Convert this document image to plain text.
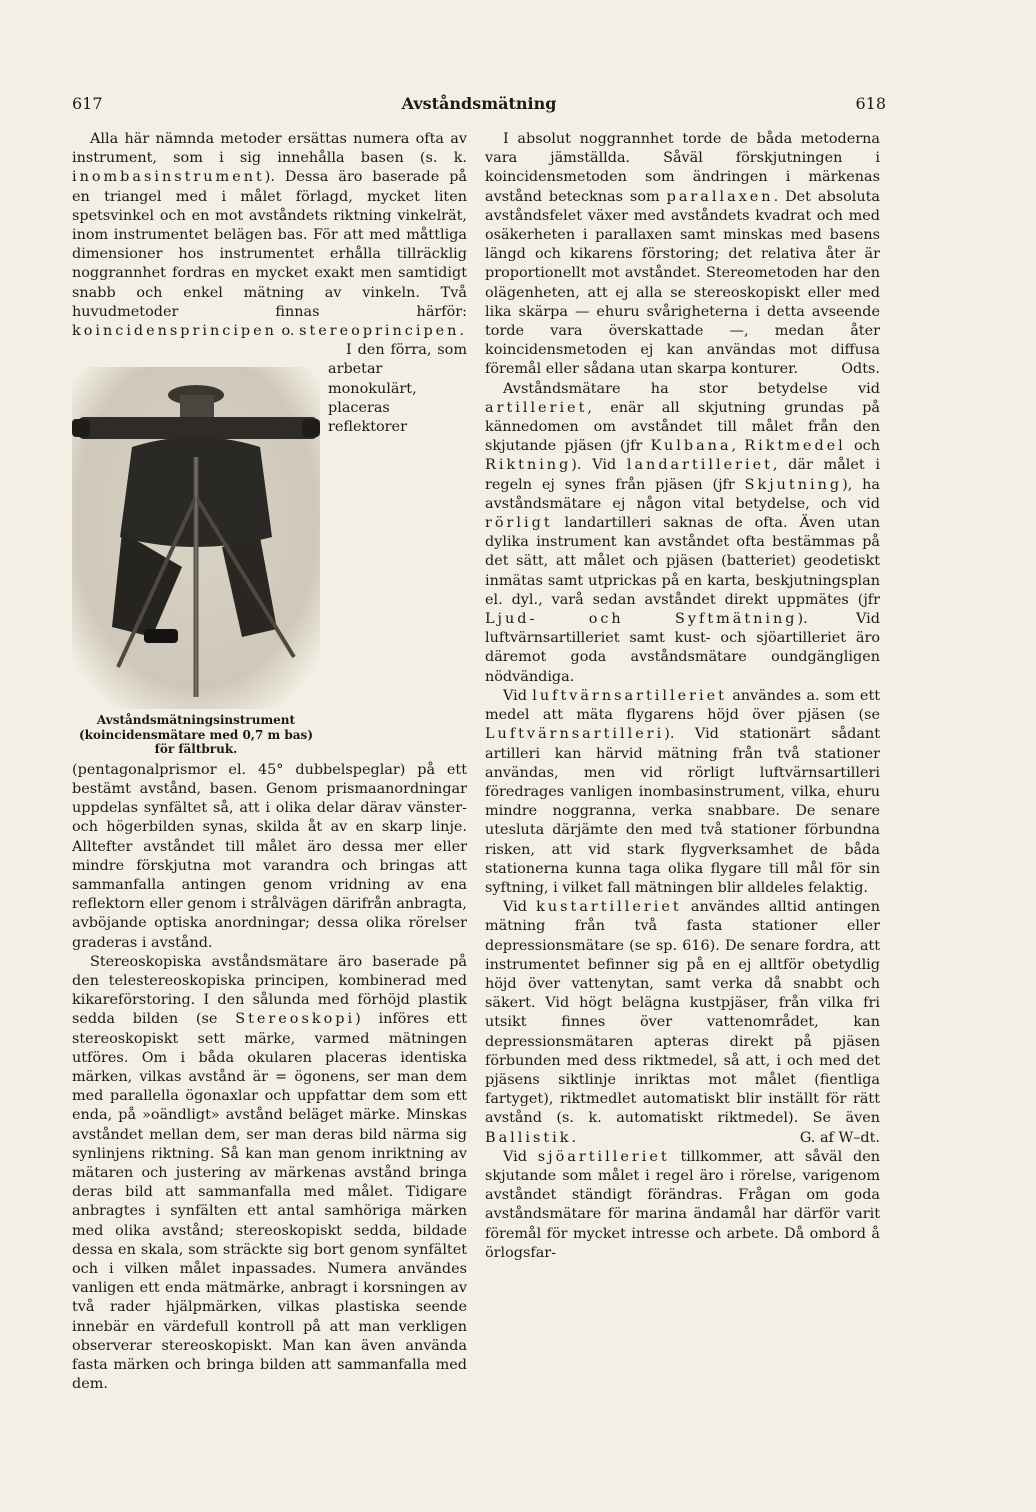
617	Avståndsmätning	618

Alla här nämnda metoder ersättas numera ofta av instrument, som i sig innehålla basen (s. k. inombasinstrument). Dessa äro baserade på en triangel med i målet förlagd, mycket liten spetsvinkel och en mot avståndets riktning vinkelrät, inom instrumentet belägen bas. För att med måttliga dimensioner hos instrumentet erhålla tillräcklig noggrannhet fordras en mycket exakt men samtidigt snabb och enkel mätning av vinkeln. Två huvudmetoder finnas härför: koincidensprincipen o. stereoprincipen.

Avståndsmätningsinstrument (koincidensmätare med 0,7 m bas) för fältbruk.

I den förra, som arbetar monokulärt, placeras reflektorer (pentagonalprismor el. 45° dubbelspeglar) på ett bestämt avstånd, basen. Genom prismaanordningar uppdelas synfältet så, att i olika delar därav vänster- och högerbilden synas, skilda åt av en skarp linje. Alltefter avståndet till målet äro dessa mer eller mindre förskjutna mot varandra och bringas att sammanfalla antingen genom vridning av ena reflektorn eller genom i strålvägen därifrån anbragta, avböjande optiska anordningar; dessa olika rörelser graderas i avstånd.

Stereoskopiska avståndsmätare äro baserade på den telestereoskopiska principen, kombinerad med kikareförstoring. I den sålunda med förhöjd plastik sedda bilden (se Stereoskopi) införes ett stereoskopiskt sett märke, varmed mätningen utföres. Om i båda okularen placeras identiska märken, vilkas avstånd är = ögonens, ser man dem med parallella ögonaxlar och uppfattar dem som ett enda, på »oändligt» avstånd beläget märke. Minskas avståndet mellan dem, ser man deras bild närma sig synlinjens riktning. Så kan man genom inriktning av mätaren och justering av märkenas avstånd bringa deras bild att sammanfalla med målet. Tidigare anbragtes i synfälten ett antal samhöriga märken med olika avstånd; stereoskopiskt sedda, bildade dessa en skala, som sträckte sig bort genom synfältet och i vilken målet inpassades. Numera användes vanligen ett enda mätmärke, anbragt i korsningen av två rader hjälpmärken, vilkas plastiska seende innebär en värdefull kontroll på att man verkligen observerar stereoskopiskt. Man kan även använda fasta märken och bringa bilden att sammanfalla med dem.

I absolut noggrannhet torde de båda metoderna vara jämställda. Såväl förskjutningen i koincidensmetoden som ändringen i märkenas avstånd betecknas som parallaxen. Det absoluta avståndsfelet växer med avståndets kvadrat och med osäkerheten i parallaxen samt minskas med basens längd och kikarens förstoring; det relativa åter är proportionellt mot avståndet. Stereometoden har den olägenheten, att ej alla se stereoskopiskt eller med lika skärpa — ehuru svårigheterna i detta avseende torde vara överskattade —, medan åter koincidensmetoden ej kan användas mot diffusa föremål eller sådana utan skarpa konturer.	Odts.

Avståndsmätare ha stor betydelse vid artilleriet, enär all skjutning grundas på kännedomen om avståndet till målet från den skjutande pjäsen (jfr Kulbana, Riktmedel och Riktning). Vid landartilleriet, där målet i regeln ej synes från pjäsen (jfr Skjutning), ha avståndsmätare ej någon vital betydelse, och vid rörligt landartilleri saknas de ofta. Även utan dylika instrument kan avståndet ofta bestämmas på det sätt, att målet och pjäsen (batteriet) geodetiskt inmätas samt utprickas på en karta, beskjutningsplan el. dyl., varå sedan avståndet direkt uppmätes (jfr Ljud- och Syftmätning). Vid luftvärnsartilleriet samt kust- och sjöartilleriet äro däremot goda avståndsmätare oundgängligen nödvändiga.

Vid luftvärnsartilleriet användes a. som ett medel att mäta flygarens höjd över pjäsen (se Luftvärnsartilleri). Vid stationärt sådant artilleri kan härvid mätning från två stationer användas, men vid rörligt luftvärnsartilleri föredrages vanligen inombasinstrument, vilka, ehuru mindre noggranna, verka snabbare. De senare utesluta därjämte den med två stationer förbundna risken, att vid stark flygverksamhet de båda stationerna kunna taga olika flygare till mål för sin syftning, i vilket fall mätningen blir alldeles felaktig.

Vid kustartilleriet användes alltid antingen mätning från två fasta stationer eller depressionsmätare (se sp. 616). De senare fordra, att instrumentet befinner sig på en ej alltför obetydlig höjd över vattenytan, samt verka då snabbt och säkert. Vid högt belägna kustpjäser, från vilka fri utsikt finnes över vattenområdet, kan depressionsmätaren apteras direkt på pjäsen förbunden med dess riktmedel, så att, i och med det pjäsens siktlinje inriktas mot målet (fientliga fartyget), riktmedlet automatiskt blir inställt för rätt avstånd (s. k. automatiskt riktmedel). Se även Ballistik.	G. af W–dt.

Vid sjöartilleriet tillkommer, att såväl den skjutande som målet i regel äro i rörelse, varigenom avståndet ständigt förändras. Frågan om goda avståndsmätare för marina ändamål har därför varit föremål för mycket intresse och arbete. Då ombord å örlogsfar-
